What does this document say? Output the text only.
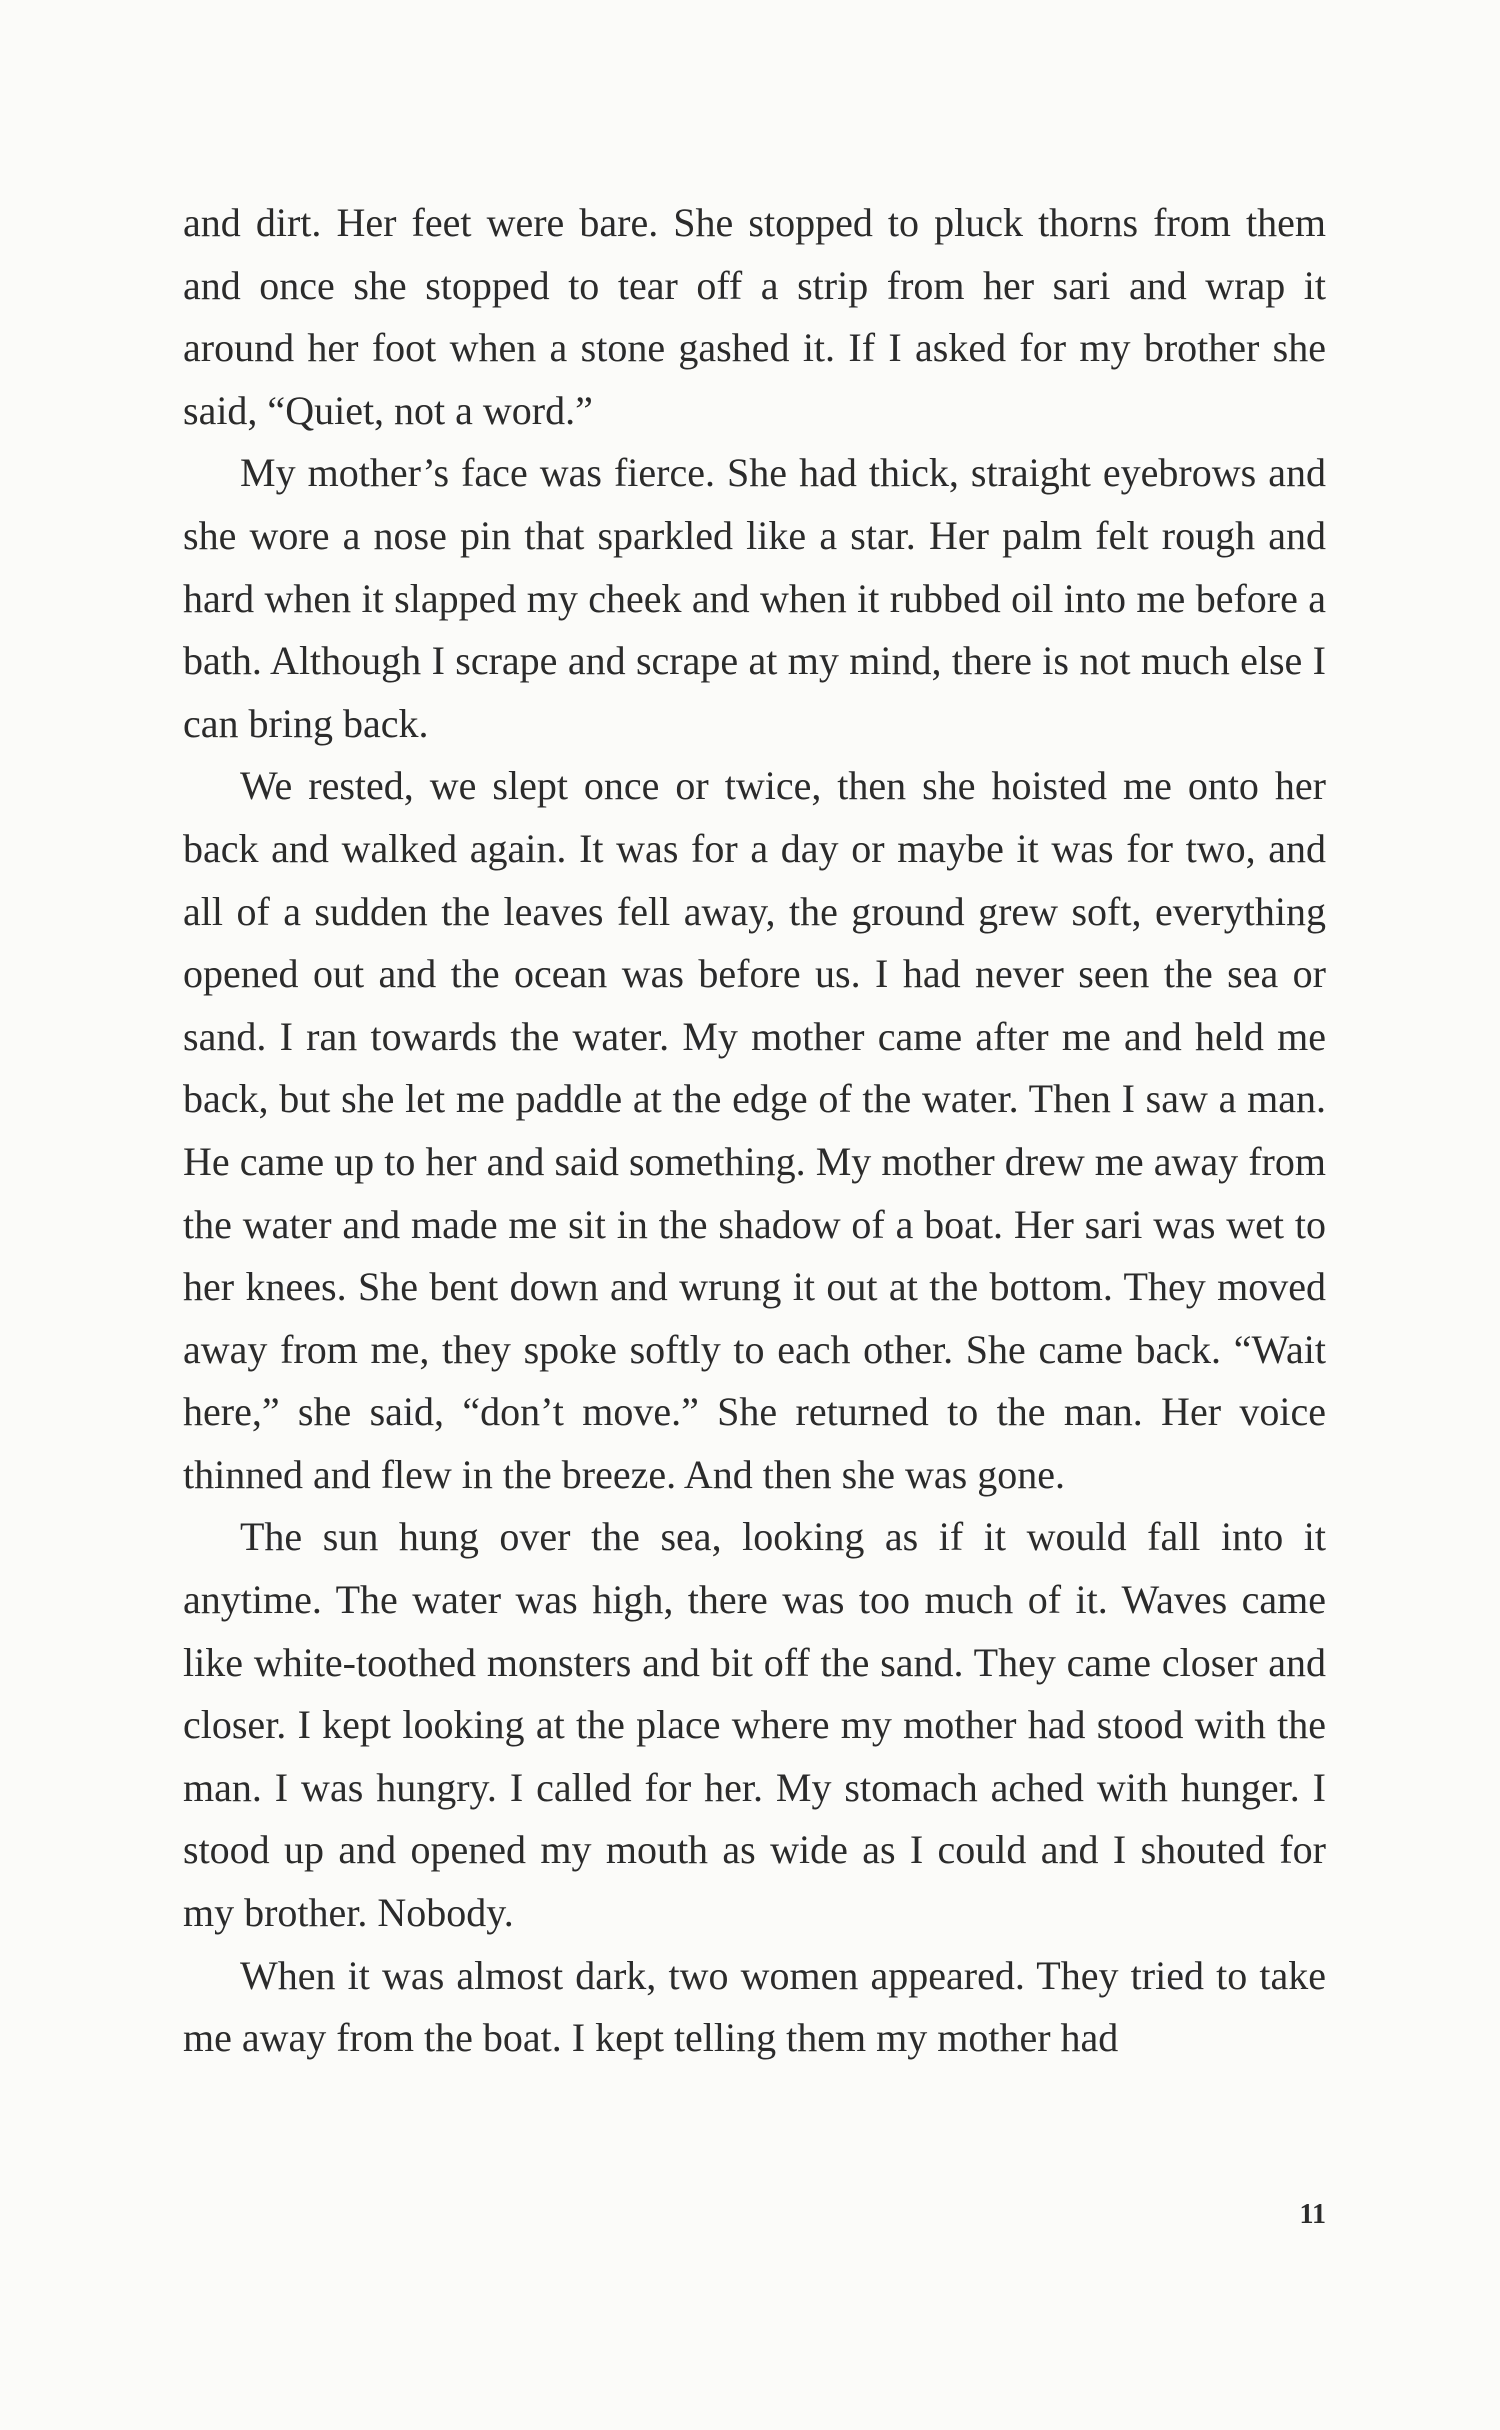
and dirt. Her feet were bare. She stopped to pluck thorns from them and once she stopped to tear off a strip from her sari and wrap it around her foot when a stone gashed it. If I asked for my brother she said, “Quiet, not a word.”

My mother’s face was fierce. She had thick, straight eyebrows and she wore a nose pin that sparkled like a star. Her palm felt rough and hard when it slapped my cheek and when it rubbed oil into me before a bath. Although I scrape and scrape at my mind, there is not much else I can bring back.

We rested, we slept once or twice, then she hoisted me onto her back and walked again. It was for a day or maybe it was for two, and all of a sudden the leaves fell away, the ground grew soft, everything opened out and the ocean was before us. I had never seen the sea or sand. I ran towards the water. My mother came after me and held me back, but she let me paddle at the edge of the water. Then I saw a man. He came up to her and said something. My mother drew me away from the water and made me sit in the shadow of a boat. Her sari was wet to her knees. She bent down and wrung it out at the bottom. They moved away from me, they spoke softly to each other. She came back. “Wait here,” she said, “don’t move.” She returned to the man. Her voice thinned and flew in the breeze. And then she was gone.

The sun hung over the sea, looking as if it would fall into it anytime. The water was high, there was too much of it. Waves came like white-toothed monsters and bit off the sand. They came closer and closer. I kept looking at the place where my mother had stood with the man. I was hungry. I called for her. My stomach ached with hunger. I stood up and opened my mouth as wide as I could and I shouted for my brother. Nobody.

When it was almost dark, two women appeared. They tried to take me away from the boat. I kept telling them my mother had

11
